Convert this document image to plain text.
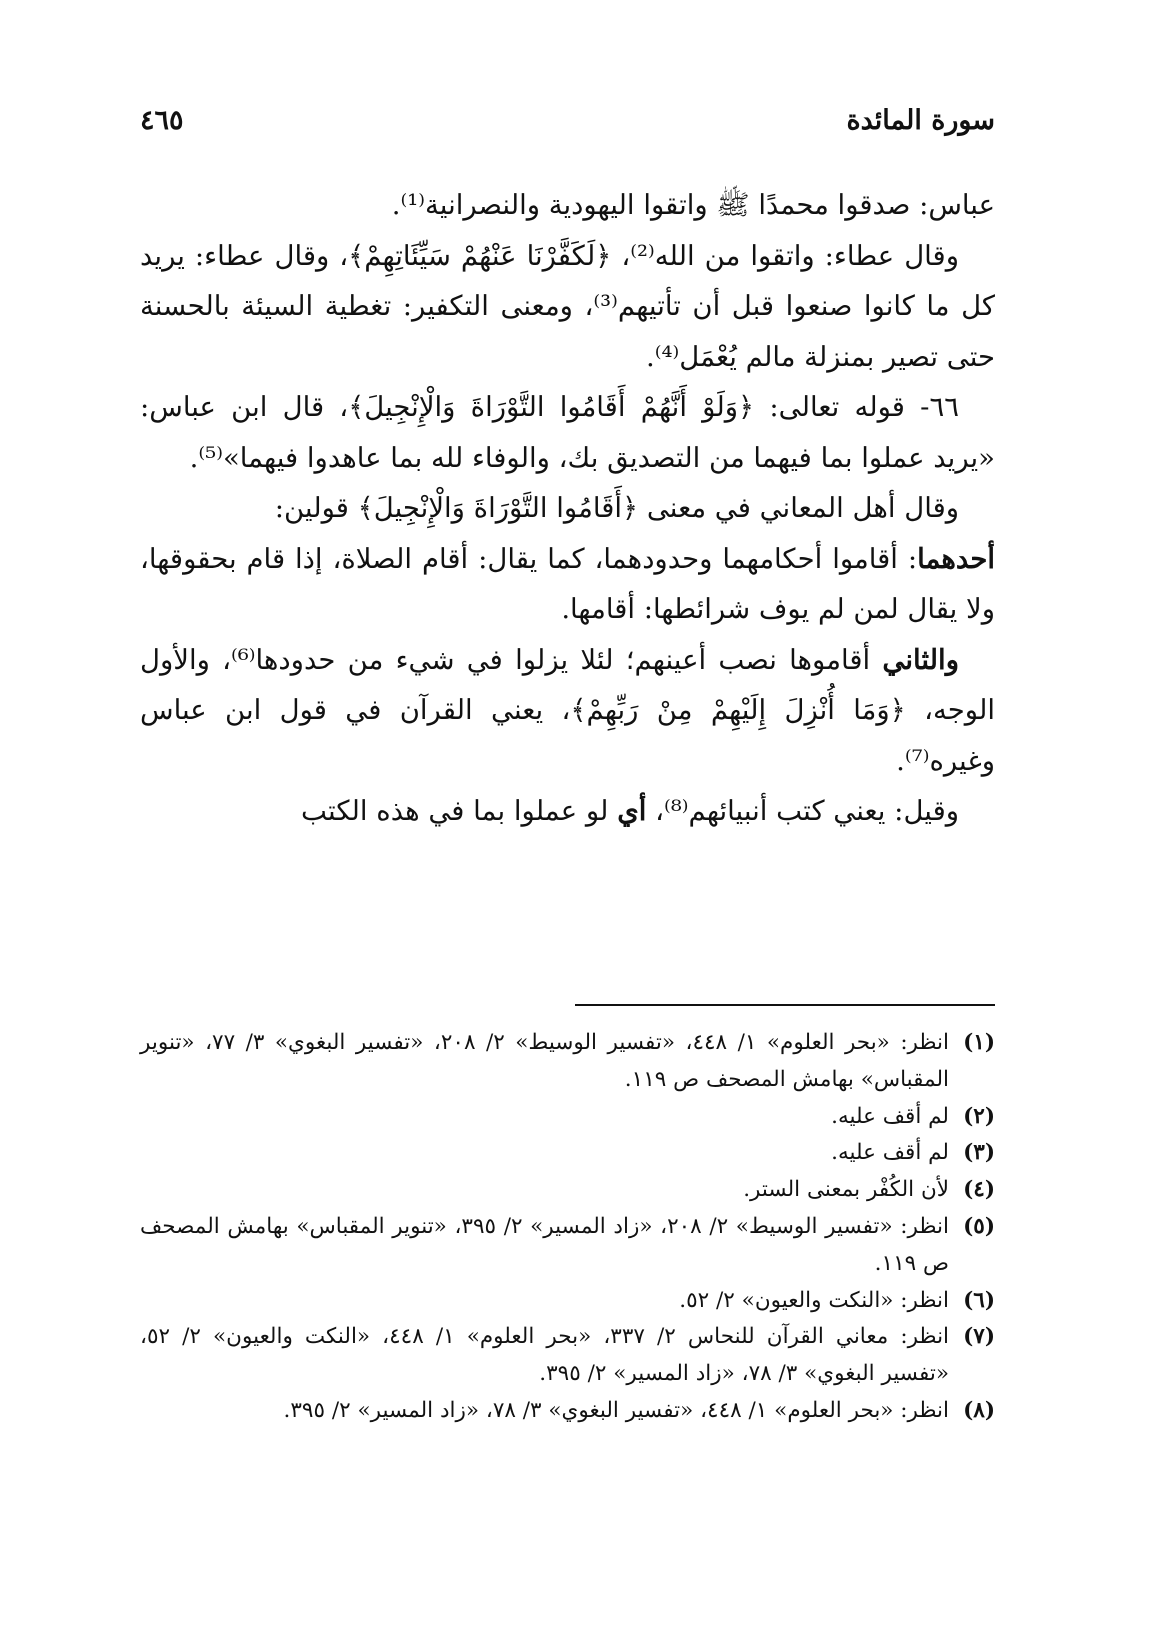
سورة المائدة
٤٦٥

عباس: صدقوا محمدًا ﷺ واتقوا اليهودية والنصرانية⁽¹⁾.

وقال عطاء: واتقوا من الله⁽²⁾، ﴿لَكَفَّرْنَا عَنْهُمْ سَيِّئَاتِهِمْ﴾، وقال عطاء: يريد كل ما كانوا صنعوا قبل أن تأتيهم⁽³⁾، ومعنى التكفير: تغطية السيئة بالحسنة حتى تصير بمنزلة مالم يُعْمَل⁽⁴⁾.

٦٦- قوله تعالى: ﴿وَلَوْ أَنَّهُمْ أَقَامُوا التَّوْرَاةَ وَالْإِنْجِيلَ﴾، قال ابن عباس: «يريد عملوا بما فيهما من التصديق بك، والوفاء لله بما عاهدوا فيهما»⁽⁵⁾.

وقال أهل المعاني في معنى ﴿أَقَامُوا التَّوْرَاةَ وَالْإِنْجِيلَ﴾ قولين:

أحدهما: أقاموا أحكامهما وحدودهما، كما يقال: أقام الصلاة، إذا قام بحقوقها، ولا يقال لمن لم يوف شرائطها: أقامها.

والثاني أقاموها نصب أعينهم؛ لئلا يزلوا في شيء من حدودها⁽⁶⁾، والأول الوجه، ﴿وَمَا أُنْزِلَ إِلَيْهِمْ مِنْ رَبِّهِمْ﴾، يعني القرآن في قول ابن عباس وغيره⁽⁷⁾.

وقيل: يعني كتب أنبيائهم⁽⁸⁾، أي لو عملوا بما في هذه الكتب

(١)
انظر: «بحر العلوم» ١/ ٤٤٨، «تفسير الوسيط» ٢/ ٢٠٨، «تفسير البغوي» ٣/ ٧٧، «تنوير المقباس» بهامش المصحف ص ١١٩.
(٢)
لم أقف عليه.
(٣)
لم أقف عليه.
(٤)
لأن الكُفْر بمعنى الستر.
(٥)
انظر: «تفسير الوسيط» ٢/ ٢٠٨، «زاد المسير» ٢/ ٣٩٥، «تنوير المقباس» بهامش المصحف ص ١١٩.
(٦)
انظر: «النكت والعيون» ٢/ ٥٢.
(٧)
انظر: معاني القرآن للنحاس ٢/ ٣٣٧، «بحر العلوم» ١/ ٤٤٨، «النكت والعيون» ٢/ ٥٢، «تفسير البغوي» ٣/ ٧٨، «زاد المسير» ٢/ ٣٩٥.
(٨)
انظر: «بحر العلوم» ١/ ٤٤٨، «تفسير البغوي» ٣/ ٧٨، «زاد المسير» ٢/ ٣٩٥.
